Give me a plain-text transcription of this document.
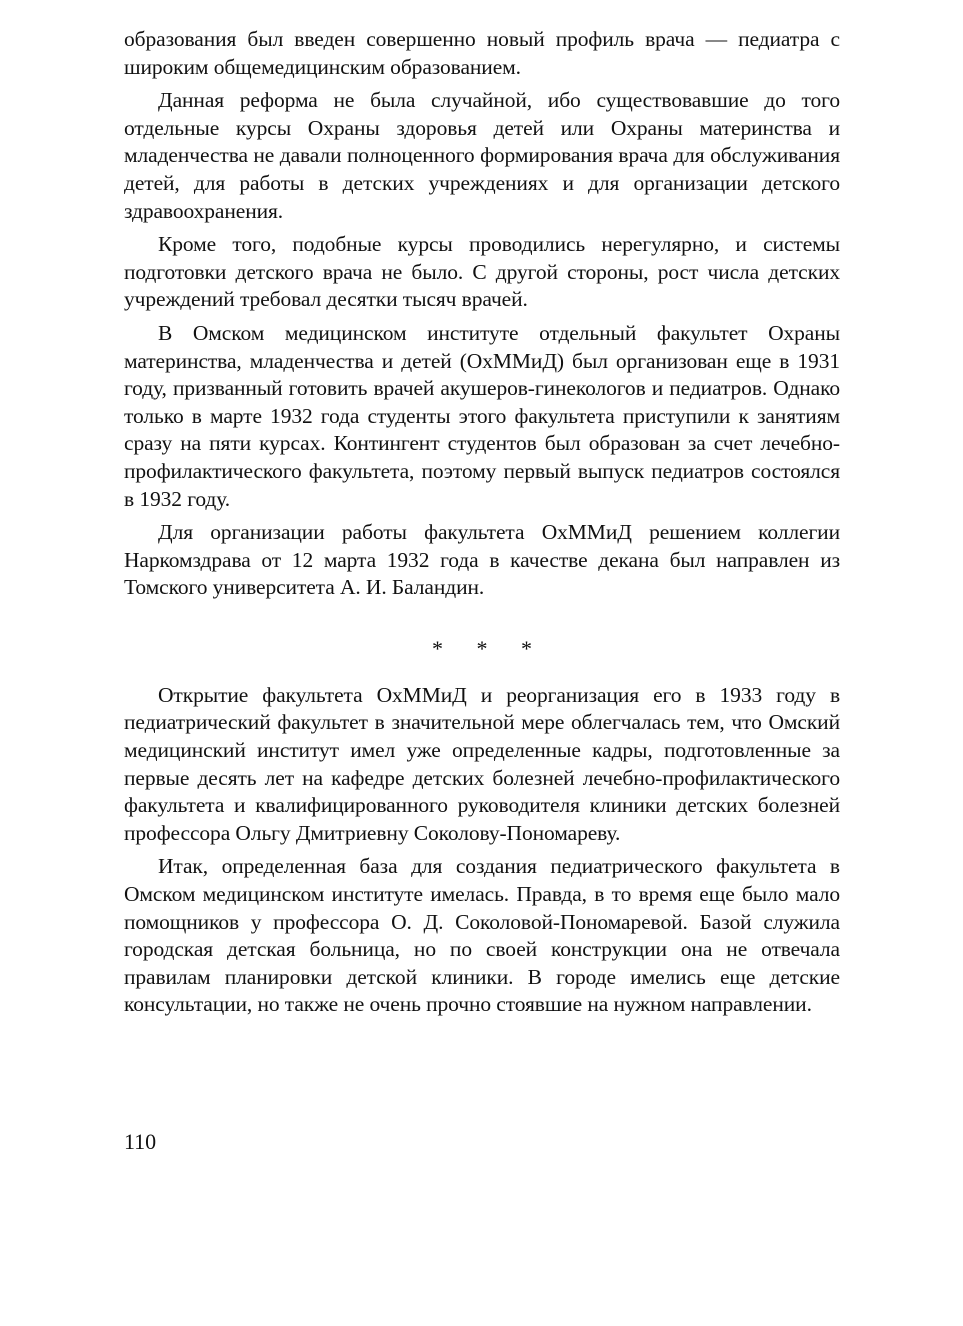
образования был введен совершенно новый профиль врача — педиатра с широким общемедицинским образованием.

Данная реформа не была случайной, ибо существовавшие до того отдельные курсы Охраны здоровья детей или Охраны материнства и младенчества не давали полноценного формирования врача для обслуживания детей, для работы в детских учреждениях и для организации детского здравоохранения.

Кроме того, подобные курсы проводились нерегулярно, и системы подготовки детского врача не было. С другой стороны, рост числа детских учреждений требовал десятки тысяч врачей.

В Омском медицинском институте отдельный факультет Охраны материнства, младенчества и детей (ОхММиД) был организован еще в 1931 году, призванный готовить врачей акушеров-гинекологов и педиатров. Однако только в марте 1932 года студенты этого факультета приступили к занятиям сразу на пяти курсах. Контингент студентов был образован за счет лечебно-профилактического факультета, поэтому первый выпуск педиатров состоялся в 1932 году.

Для организации работы факультета ОхММиД решением коллегии Наркомздрава от 12 марта 1932 года в качестве декана был направлен из Томского университета А. И. Баландин.

* * *

Открытие факультета ОхММиД и реорганизация его в 1933 году в педиатрический факультет в значительной мере облегчалась тем, что Омский медицинский институт имел уже определенные кадры, подготовленные за первые десять лет на кафедре детских болезней лечебно-профилактического факультета и квалифицированного руководителя клиники детских болезней профессора Ольгу Дмитриевну Соколову-Пономареву.

Итак, определенная база для создания педиатрического факультета в Омском медицинском институте имелась. Правда, в то время еще было мало помощников у профессора О. Д. Соколовой-Пономаревой. Базой служила городская детская больница, но по своей конструкции она не отвечала правилам планировки детской клиники. В городе имелись еще детские консультации, но также не очень прочно стоявшие на нужном направлении.

110
